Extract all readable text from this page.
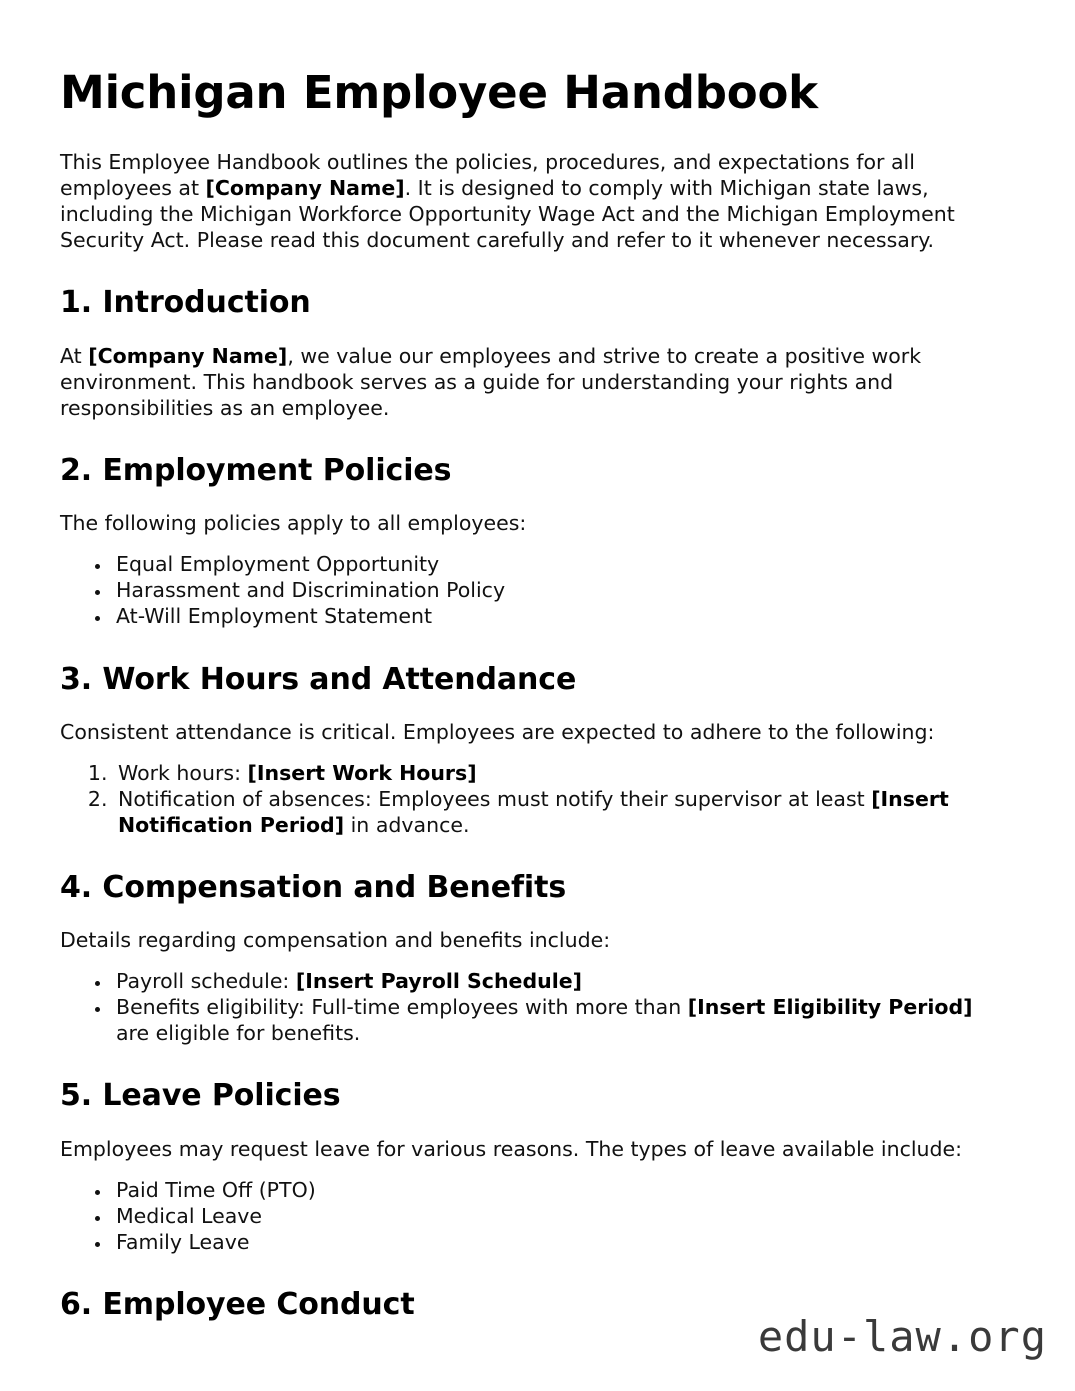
Michigan Employee Handbook

This Employee Handbook outlines the policies, procedures, and expectations for all employees at [Company Name]. It is designed to comply with Michigan state laws, including the Michigan Workforce Opportunity Wage Act and the Michigan Employment Security Act. Please read this document carefully and refer to it whenever necessary.

1. Introduction

At [Company Name], we value our employees and strive to create a positive work environment. This handbook serves as a guide for understanding your rights and responsibilities as an employee.

2. Employment Policies

The following policies apply to all employees:

• Equal Employment Opportunity
• Harassment and Discrimination Policy
• At-Will Employment Statement
3. Work Hours and Attendance

Consistent attendance is critical. Employees are expected to adhere to the following:

1. Work hours: [Insert Work Hours]
2. Notification of absences: Employees must notify their supervisor at least [Insert Notification Period] in advance.
4. Compensation and Benefits

Details regarding compensation and benefits include:

• Payroll schedule: [Insert Payroll Schedule]
• Benefits eligibility: Full-time employees with more than [Insert Eligibility Period] are eligible for benefits.
5. Leave Policies

Employees may request leave for various reasons. The types of leave available include:

• Paid Time Off (PTO)
• Medical Leave
• Family Leave
6. Employee Conduct
edu-law.org
